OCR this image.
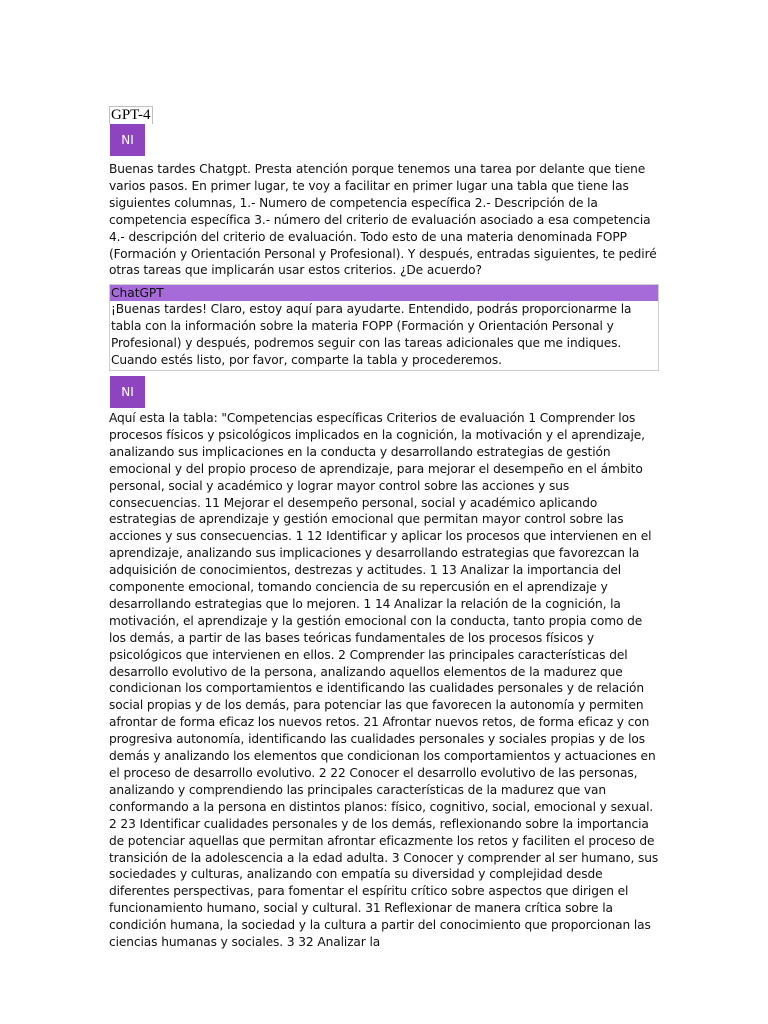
GPT-4
NI

Buenas tardes Chatgpt. Presta atención porque tenemos una tarea por delante que tiene varios pasos. En primer lugar, te voy a facilitar en primer lugar una tabla que tiene las siguientes columnas, 1.- Numero de competencia específica 2.- Descripción de la competencia específica 3.- número del criterio de evaluación asociado a esa competencia 4.- descripción del criterio de evaluación. Todo esto de una materia denominada FOPP (Formación y Orientación Personal y Profesional). Y después, entradas siguientes, te pediré otras tareas que implicarán usar estos criterios. ¿De acuerdo?

ChatGPT

¡Buenas tardes! Claro, estoy aquí para ayudarte. Entendido, podrás proporcionarme la tabla con la información sobre la materia FOPP (Formación y Orientación Personal y Profesional) y después, podremos seguir con las tareas adicionales que me indiques. Cuando estés listo, por favor, comparte la tabla y procederemos.

NI

Aquí esta la tabla: "Competencias específicas Criterios de evaluación 1 Comprender los procesos físicos y psicológicos implicados en la cognición, la motivación y el aprendizaje, analizando sus implicaciones en la conducta y desarrollando estrategias de gestión emocional y del propio proceso de aprendizaje, para mejorar el desempeño en el ámbito personal, social y académico y lograr mayor control sobre las acciones y sus consecuencias. 11 Mejorar el desempeño personal, social y académico aplicando estrategias de aprendizaje y gestión emocional que permitan mayor control sobre las acciones y sus consecuencias. 1 12 Identificar y aplicar los procesos que intervienen en el aprendizaje, analizando sus implicaciones y desarrollando estrategias que favorezcan la adquisición de conocimientos, destrezas y actitudes. 1 13 Analizar la importancia del componente emocional, tomando conciencia de su repercusión en el aprendizaje y desarrollando estrategias que lo mejoren. 1 14 Analizar la relación de la cognición, la motivación, el aprendizaje y la gestión emocional con la conducta, tanto propia como de los demás, a partir de las bases teóricas fundamentales de los procesos físicos y psicológicos que intervienen en ellos. 2 Comprender las principales características del desarrollo evolutivo de la persona, analizando aquellos elementos de la madurez que condicionan los comportamientos e identificando las cualidades personales y de relación social propias y de los demás, para potenciar las que favorecen la autonomía y permiten afrontar de forma eficaz los nuevos retos. 21 Afrontar nuevos retos, de forma eficaz y con progresiva autonomía, identificando las cualidades personales y sociales propias y de los demás y analizando los elementos que condicionan los comportamientos y actuaciones en el proceso de desarrollo evolutivo. 2 22 Conocer el desarrollo evolutivo de las personas, analizando y comprendiendo las principales características de la madurez que van conformando a la persona en distintos planos: físico, cognitivo, social, emocional y sexual. 2 23 Identificar cualidades personales y de los demás, reflexionando sobre la importancia de potenciar aquellas que permitan afrontar eficazmente los retos y faciliten el proceso de transición de la adolescencia a la edad adulta. 3 Conocer y comprender al ser humano, sus sociedades y culturas, analizando con empatía su diversidad y complejidad desde diferentes perspectivas, para fomentar el espíritu crítico sobre aspectos que dirigen el funcionamiento humano, social y cultural. 31 Reflexionar de manera crítica sobre la condición humana, la sociedad y la cultura a partir del conocimiento que proporcionan las ciencias humanas y sociales. 3 32 Analizar la
